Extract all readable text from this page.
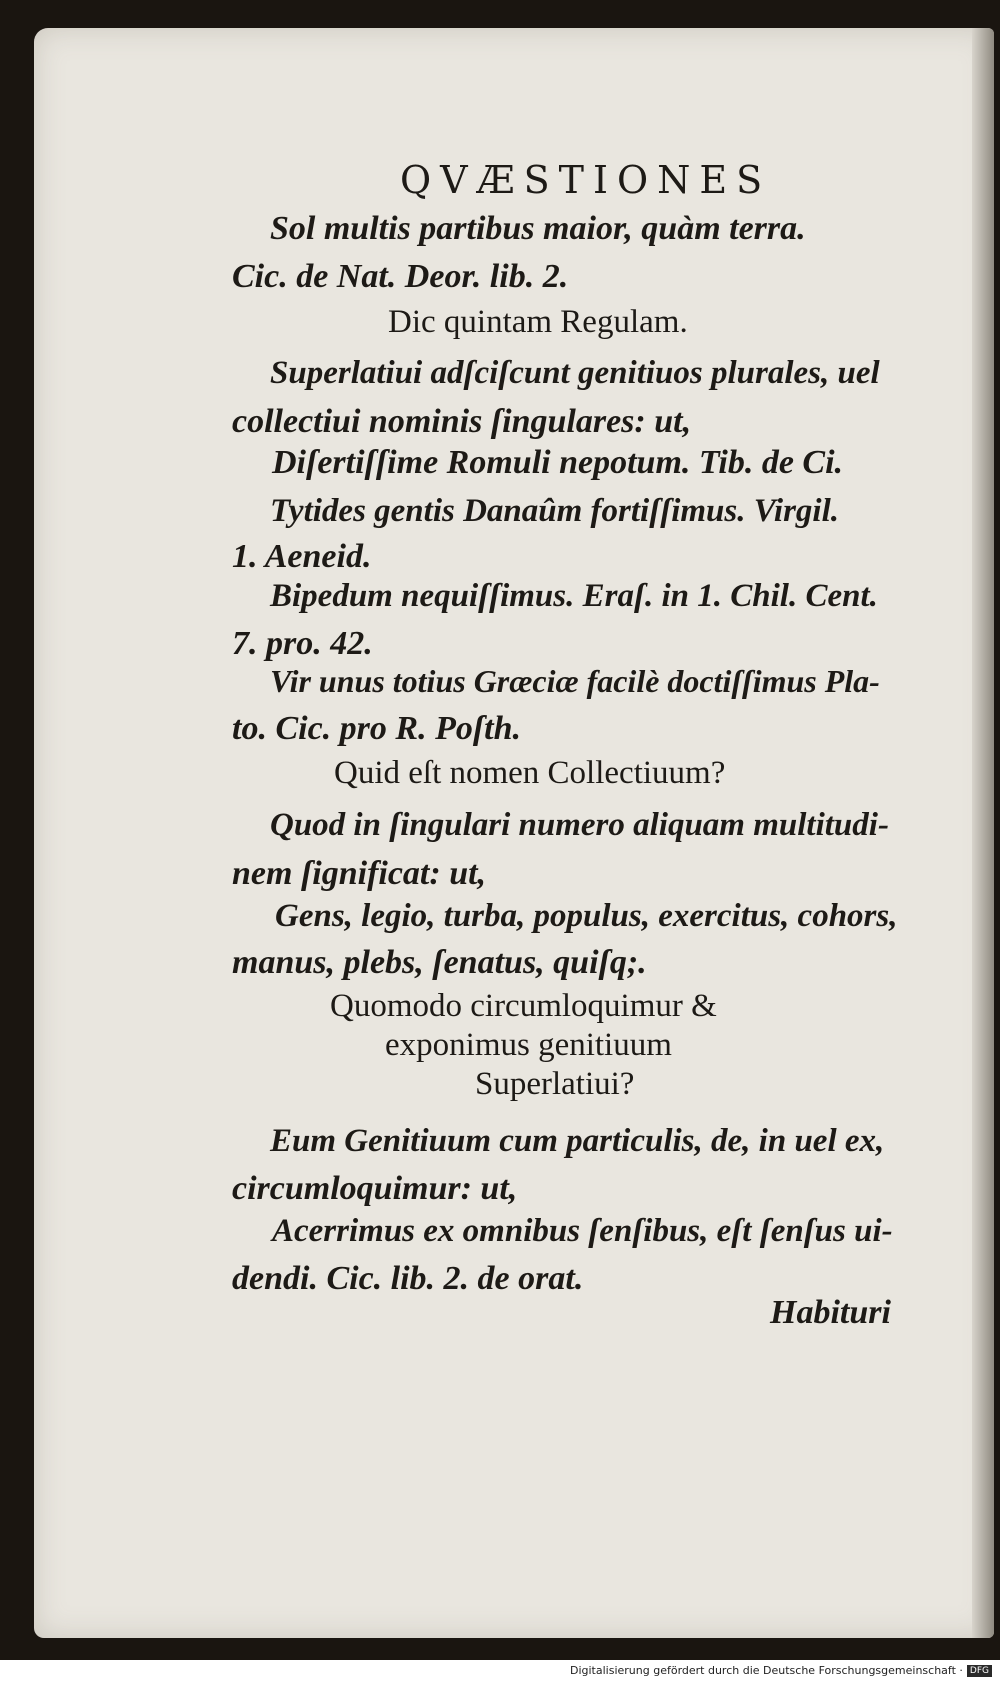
QVÆSTIONES

Sol multis partibus maior, quàm terra.

Cic. de Nat. Deor. lib. 2.

Dic quintam Regulam.

Superlatiui adſciſcunt genitiuos plurales, uel

collectiui nominis ſingulares: ut,

Diſertiſſime Romuli nepotum. Tib. de Ci.

Tytides gentis Danaûm fortiſſimus. Virgil.

1. Aeneid.

Bipedum nequiſſimus. Eraſ. in 1. Chil. Cent.

7. pro. 42.

Vir unus totius Græciæ facilè doctiſſimus Pla-

to. Cic. pro R. Poſth.

Quid eſt nomen Collectiuum?

Quod in ſingulari numero aliquam multitudi-

nem ſignificat: ut,

Gens, legio, turba, populus, exercitus, cohors,

manus, plebs, ſenatus, quiſq;.

Quomodo circumloquimur &

exponimus genitiuum

Superlatiui?

Eum Genitiuum cum particulis, de, in uel ex,

circumloquimur: ut,

Acerrimus ex omnibus ſenſibus, eſt ſenſus ui-

dendi. Cic. lib. 2. de orat.

Habituri

Digitalisierung gefördert durch die Deutsche Forschungsgemeinschaft · DFG
